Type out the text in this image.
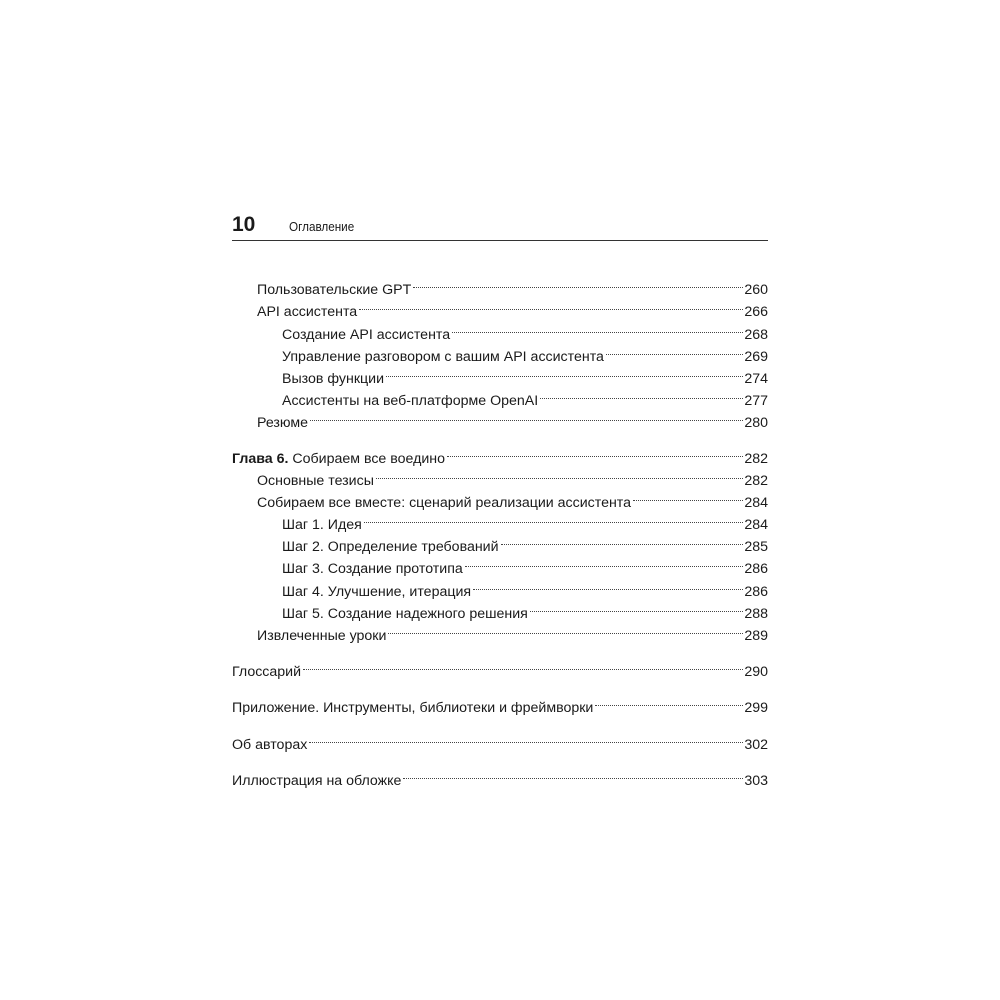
10	Оглавление
Пользовательские GPT	260
API ассистента	266
Создание API ассистента	268
Управление разговором с вашим API ассистента	269
Вызов функции	274
Ассистенты на веб-платформе OpenAI	277
Резюме	280
Глава 6. Собираем все воедино	282
Основные тезисы	282
Собираем все вместе: сценарий реализации ассистента	284
Шаг 1. Идея	284
Шаг 2. Определение требований	285
Шаг 3. Создание прототипа	286
Шаг 4. Улучшение, итерация	286
Шаг 5. Создание надежного решения	288
Извлеченные уроки	289
Глоссарий	290
Приложение. Инструменты, библиотеки и фреймворки	299
Об авторах	302
Иллюстрация на обложке	303
